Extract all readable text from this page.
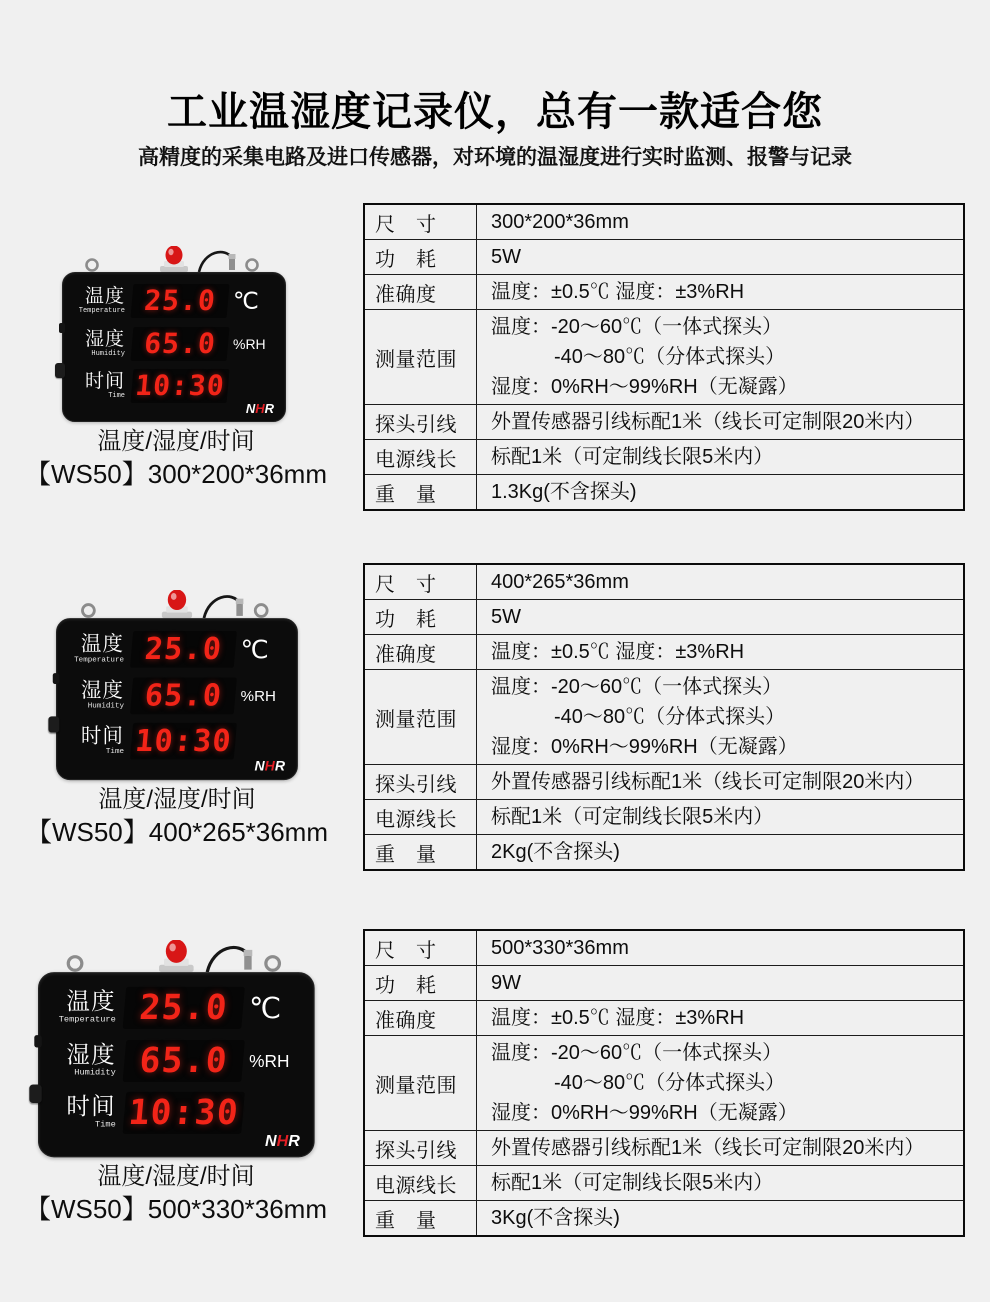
工业温湿度记录仪，总有一款适合您

高精度的采集电路及进口传感器，对环境的温湿度进行实时监测、报警与记录

温度
Temperature 25.0 ℃
湿度
Humidity 65.0	%RH
时间
Time 10:30
NHR
温度/湿度/时间
【WS50】300*200*36mm
尺　寸	300*200*36mm

功　耗	5W

准确度	温度：±0.5℃ 湿度：±3%RH

测量范围	温度：-20～60℃（一体式探头）
-40～80℃（分体式探头）
湿度：0%RH～99%RH（无凝露）

探头引线	外置传感器引线标配1米（线长可定制限20米内）

电源线长	标配1米（可定制线长限5米内）

重　量	1.3Kg(不含探头)
温度
Temperature 25.0 ℃
湿度
Humidity 65.0	%RH
时间
Time 10:30
NHR
温度/湿度/时间
【WS50】400*265*36mm
尺　寸	400*265*36mm

功　耗	5W

准确度	温度：±0.5℃ 湿度：±3%RH

测量范围	温度：-20～60℃（一体式探头）
-40～80℃（分体式探头）
湿度：0%RH～99%RH（无凝露）

探头引线	外置传感器引线标配1米（线长可定制限20米内）

电源线长	标配1米（可定制线长限5米内）

重　量	2Kg(不含探头)
温度
Temperature 25.0 ℃
湿度
Humidity 65.0	%RH
时间
Time 10:30
NHR
温度/湿度/时间
【WS50】500*330*36mm
尺　寸	500*330*36mm

功　耗	9W

准确度	温度：±0.5℃ 湿度：±3%RH

测量范围	温度：-20～60℃（一体式探头）
-40～80℃（分体式探头）
湿度：0%RH～99%RH（无凝露）

探头引线	外置传感器引线标配1米（线长可定制限20米内）

电源线长	标配1米（可定制线长限5米内）

重　量	3Kg(不含探头)
